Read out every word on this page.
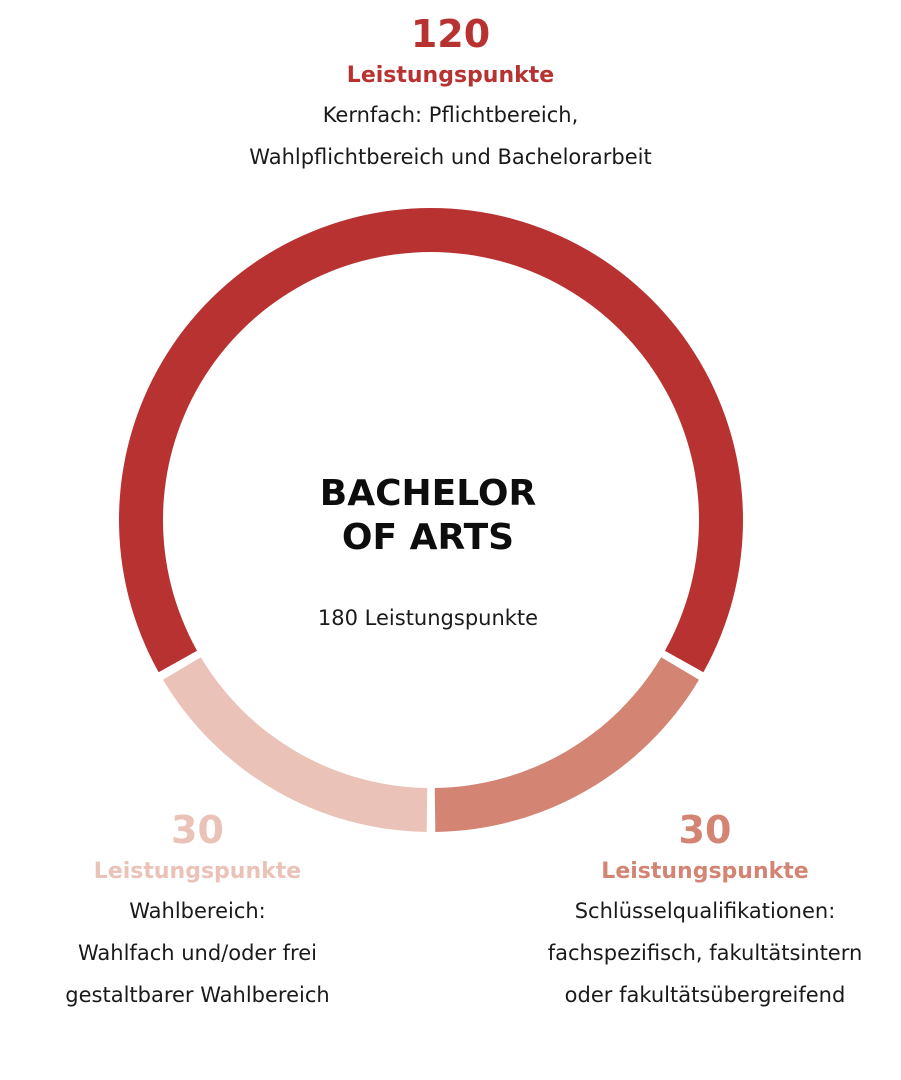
BACHELOR
OF ARTS
180 Leistungspunkte
120
Leistungspunkte
Kernfach: Pflichtbereich,
Wahlpflichtbereich und Bachelorarbeit
30
Leistungspunkte
Schlüsselqualifikationen:
fachspezifisch, fakultätsintern
oder fakultätsübergreifend
30
Leistungspunkte
Wahlbereich:
Wahlfach und/oder frei
gestaltbarer Wahlbereich
